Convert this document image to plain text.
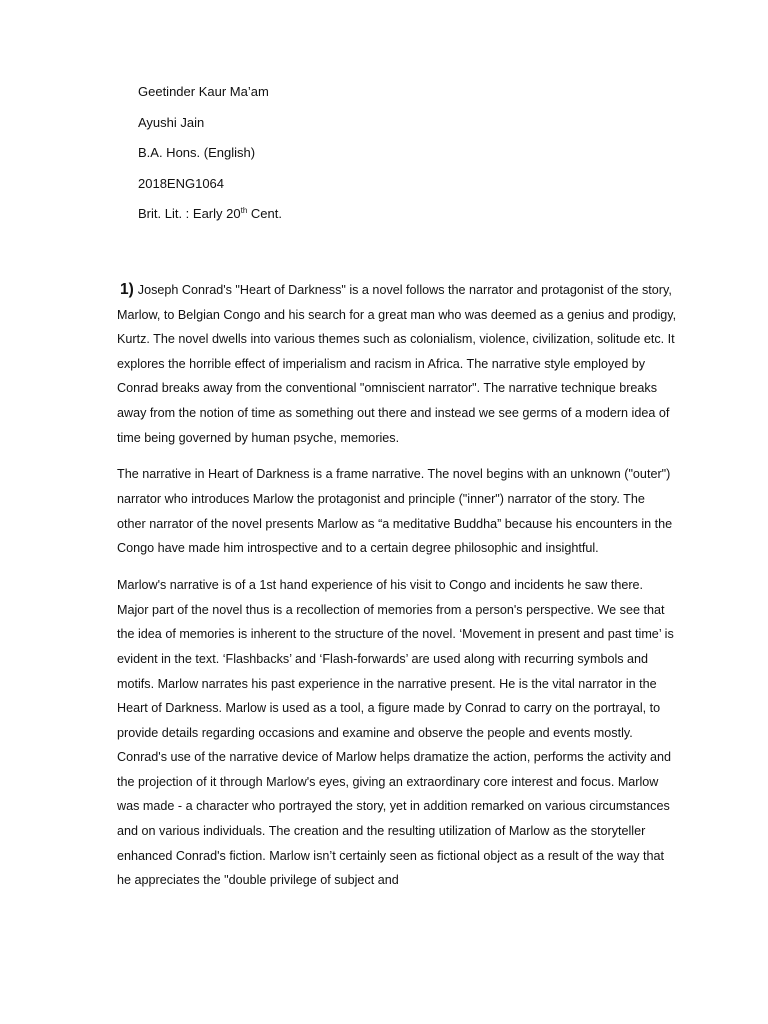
Geetinder Kaur Ma’am
Ayushi Jain
B.A. Hons. (English)
2018ENG1064
Brit. Lit. : Early 20th Cent.

1) Joseph Conrad's "Heart of Darkness" is a novel follows the narrator and protagonist of the story, Marlow, to Belgian Congo and his search for a great man who was deemed as a genius and prodigy, Kurtz. The novel dwells into various themes such as colonialism, violence, civilization, solitude etc. It explores the horrible effect of imperialism and racism in Africa. The narrative style employed by Conrad breaks away from the conventional "omniscient narrator". The narrative technique breaks away from the notion of time as something out there and instead we see germs of a modern idea of time being governed by human psyche, memories.

The narrative in Heart of Darkness is a frame narrative. The novel begins with an unknown ("outer") narrator who introduces Marlow the protagonist and principle ("inner") narrator of the story. The other narrator of the novel presents Marlow as “a meditative Buddha” because his encounters in the Congo have made him introspective and to a certain degree philosophic and insightful.

Marlow's narrative is of a 1st hand experience of his visit to Congo and incidents he saw there. Major part of the novel thus is a recollection of memories from a person's perspective. We see that the idea of memories is inherent to the structure of the novel. ‘Movement in present and past time’ is evident in the text. ‘Flashbacks’ and ‘Flash-forwards’ are used along with recurring symbols and motifs. Marlow narrates his past experience in the narrative present. He is the vital narrator in the Heart of Darkness. Marlow is used as a tool, a figure made by Conrad to carry on the portrayal, to provide details regarding occasions and examine and observe the people and events mostly. Conrad's use of the narrative device of Marlow helps dramatize the action, performs the activity and the projection of it through Marlow's eyes, giving an extraordinary core interest and focus. Marlow was made - a character who portrayed the story, yet in addition remarked on various circumstances and on various individuals. The creation and the resulting utilization of Marlow as the storyteller enhanced Conrad's fiction. Marlow isn’t certainly seen as fictional object as a result of the way that he appreciates the "double privilege of subject and
